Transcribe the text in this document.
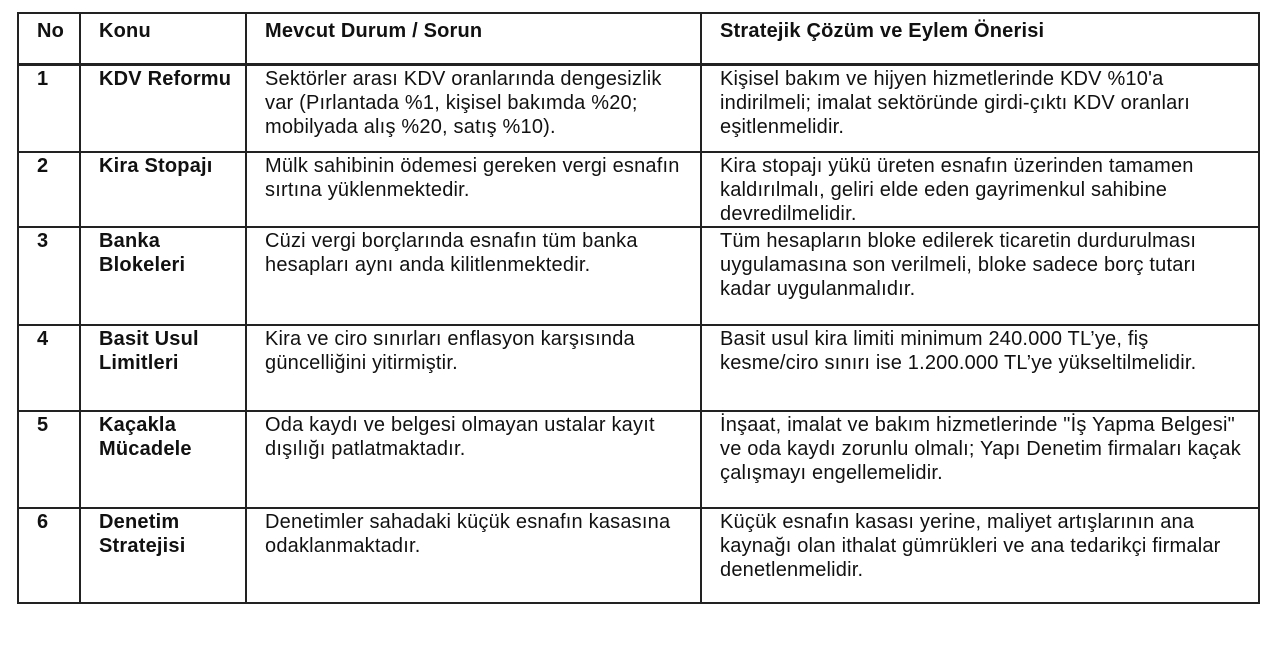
No	Konu	Mevcut Durum / Sorun	Stratejik Çözüm ve Eylem Önerisi
1	KDV Reformu	Sektörler arası KDV oranlarında dengesizlik var (Pırlantada %1, kişisel bakımda %20; mobilyada alış %20, satış %10).	Kişisel bakım ve hijyen hizmetlerinde KDV %10'a indirilmeli; imalat sektöründe girdi-çıktı KDV oranları eşitlenmelidir.
2	Kira Stopajı	Mülk sahibinin ödemesi gereken vergi esnafın sırtına yüklenmektedir.	Kira stopajı yükü üreten esnafın üzerinden tamamen kaldırılmalı, geliri elde eden gayrimenkul sahibine devredilmelidir.
3	Banka Blokeleri	Cüzi vergi borçlarında esnafın tüm banka hesapları aynı anda kilitlenmektedir.	Tüm hesapların bloke edilerek ticaretin durdurulması uygulamasına son verilmeli, bloke sadece borç tutarı kadar uygulanmalıdır.
4	Basit Usul Limitleri	Kira ve ciro sınırları enflasyon karşısında güncelliğini yitirmiştir.	Basit usul kira limiti minimum 240.000 TL’ye, fiş kesme/ciro sınırı ise 1.200.000 TL’ye yükseltilmelidir.
5	Kaçakla Mücadele	Oda kaydı ve belgesi olmayan ustalar kayıt dışılığı patlatmaktadır.	İnşaat, imalat ve bakım hizmetlerinde "İş Yapma Belgesi" ve oda kaydı zorunlu olmalı; Yapı Denetim firmaları kaçak çalışmayı engellemelidir.
6	Denetim Stratejisi	Denetimler sahadaki küçük esnafın kasasına odaklanmaktadır.	Küçük esnafın kasası yerine, maliyet artışlarının ana kaynağı olan ithalat gümrükleri ve ana tedarikçi firmalar denetlenmelidir.
